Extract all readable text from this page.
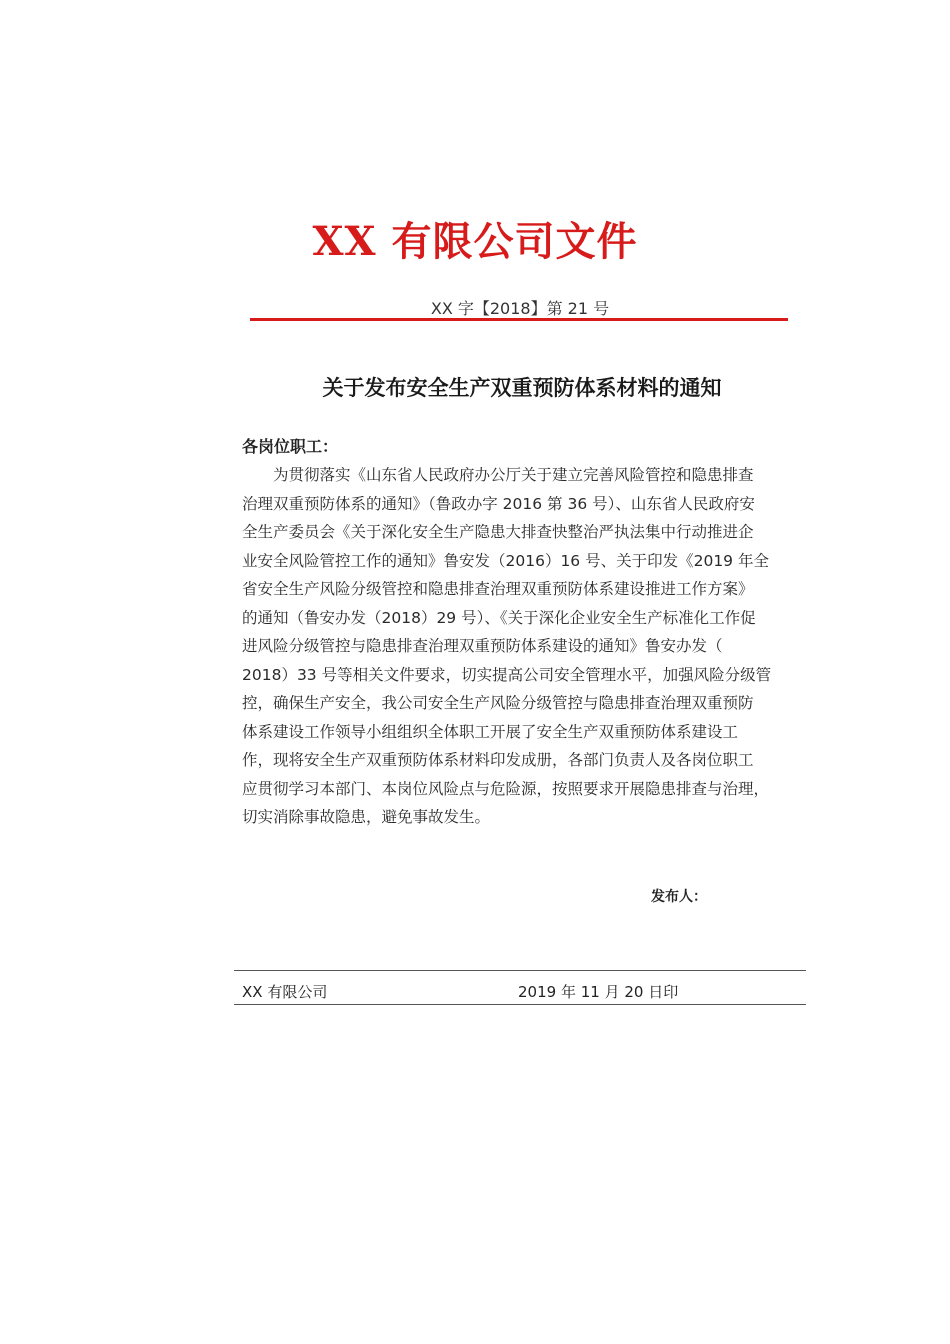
XX 有限公司文件
XX 字【2018】第 21 号
关于发布安全生产双重预防体系材料的通知
各岗位职工：
　　为贯彻落实《山东省人民政府办公厅关于建立完善风险管控和隐患排查
治理双重预防体系的通知》（鲁政办字 2016 第 36 号）、山东省人民政府安
全生产委员会《关于深化安全生产隐患大排查快整治严执法集中行动推进企
业安全风险管控工作的通知》鲁安发（2016）16 号、关于印发《2019 年全
省安全生产风险分级管控和隐患排查治理双重预防体系建设推进工作方案》
的通知（鲁安办发（2018）29 号）、《关于深化企业安全生产标准化工作促
进风险分级管控与隐患排查治理双重预防体系建设的通知》鲁安办发（
2018）33 号等相关文件要求，切实提高公司安全管理水平，加强风险分级管
控，确保生产安全，我公司安全生产风险分级管控与隐患排查治理双重预防
体系建设工作领导小组组织全体职工开展了安全生产双重预防体系建设工
作，现将安全生产双重预防体系材料印发成册，各部门负责人及各岗位职工
应贯彻学习本部门、本岗位风险点与危险源，按照要求开展隐患排查与治理，
切实消除事故隐患，避免事故发生。
发布人：
XX 有限公司	2019 年 11 月 20 日印
